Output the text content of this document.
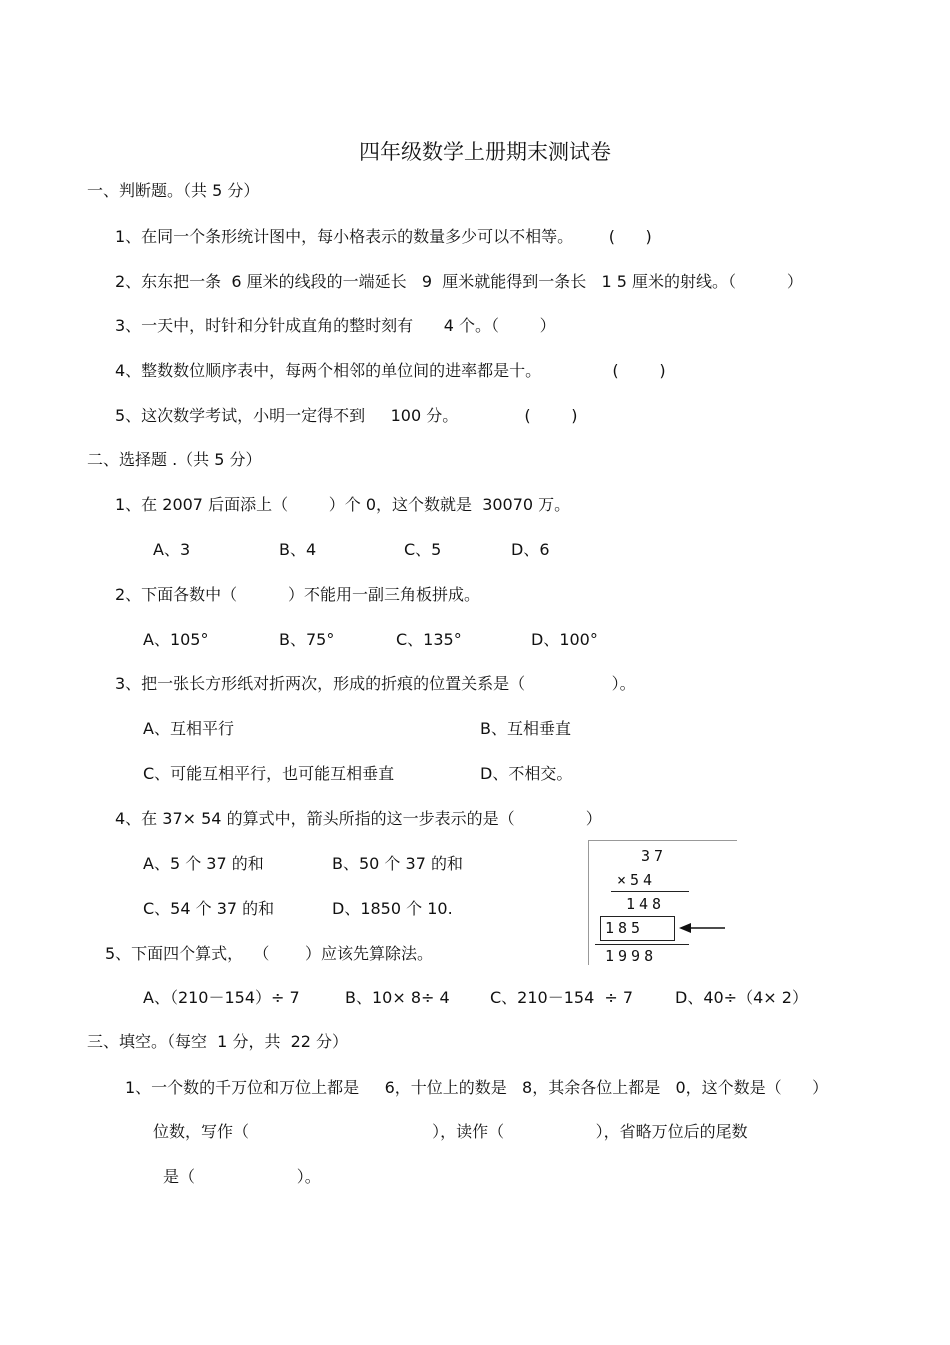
四年级数学上册期末测试卷
一、判断题。（共 5 分）
1、在同一个条形统计图中，每小格表示的数量多少可以不相等。       (      )
2、东东把一条  6 厘米的线段的一端延长   9  厘米就能得到一条长   1 5 厘米的射线。（          ）
3、一天中，时针和分针成直角的整时刻有      4 个。（        ）
4、整数数位顺序表中，每两个相邻的单位间的进率都是十。              (        )
5、这次数学考试，小明一定得不到     100 分。             (        )
二、选择题 .（共 5 分）
1、在 2007 后面添上（        ）个 0，这个数就是  30070 万。
A、3	B、4	C、5	D、6
2、下面各数中（          ）不能用一副三角板拼成。
A、105°	B、75°	C、135°	D、100°
3、把一张长方形纸对折两次，形成的折痕的位置关系是（                 ）。
A、互相平行	B、互相垂直
C、可能互相平行，也可能互相垂直	D、不相交。
4、在 37× 54 的算式中，箭头所指的这一步表示的是（              ）
A、5 个 37 的和	B、50 个 37 的和
C、54 个 37 的和	D、1850 个 10.
37
×54
148
185
1998
5、下面四个算式，  （       ）应该先算除法。
A、（210－154）÷ 7	B、10× 8÷ 4	C、210－154  ÷ 7	D、40÷（4× 2）
三、填空。（每空  1 分，共  22 分）
1、一个数的千万位和万位上都是     6，十位上的数是   8，其余各位上都是   0，这个数是（      ）
位数，写作（                                    ），读作（                  ），省略万位后的尾数
是（                    ）。
